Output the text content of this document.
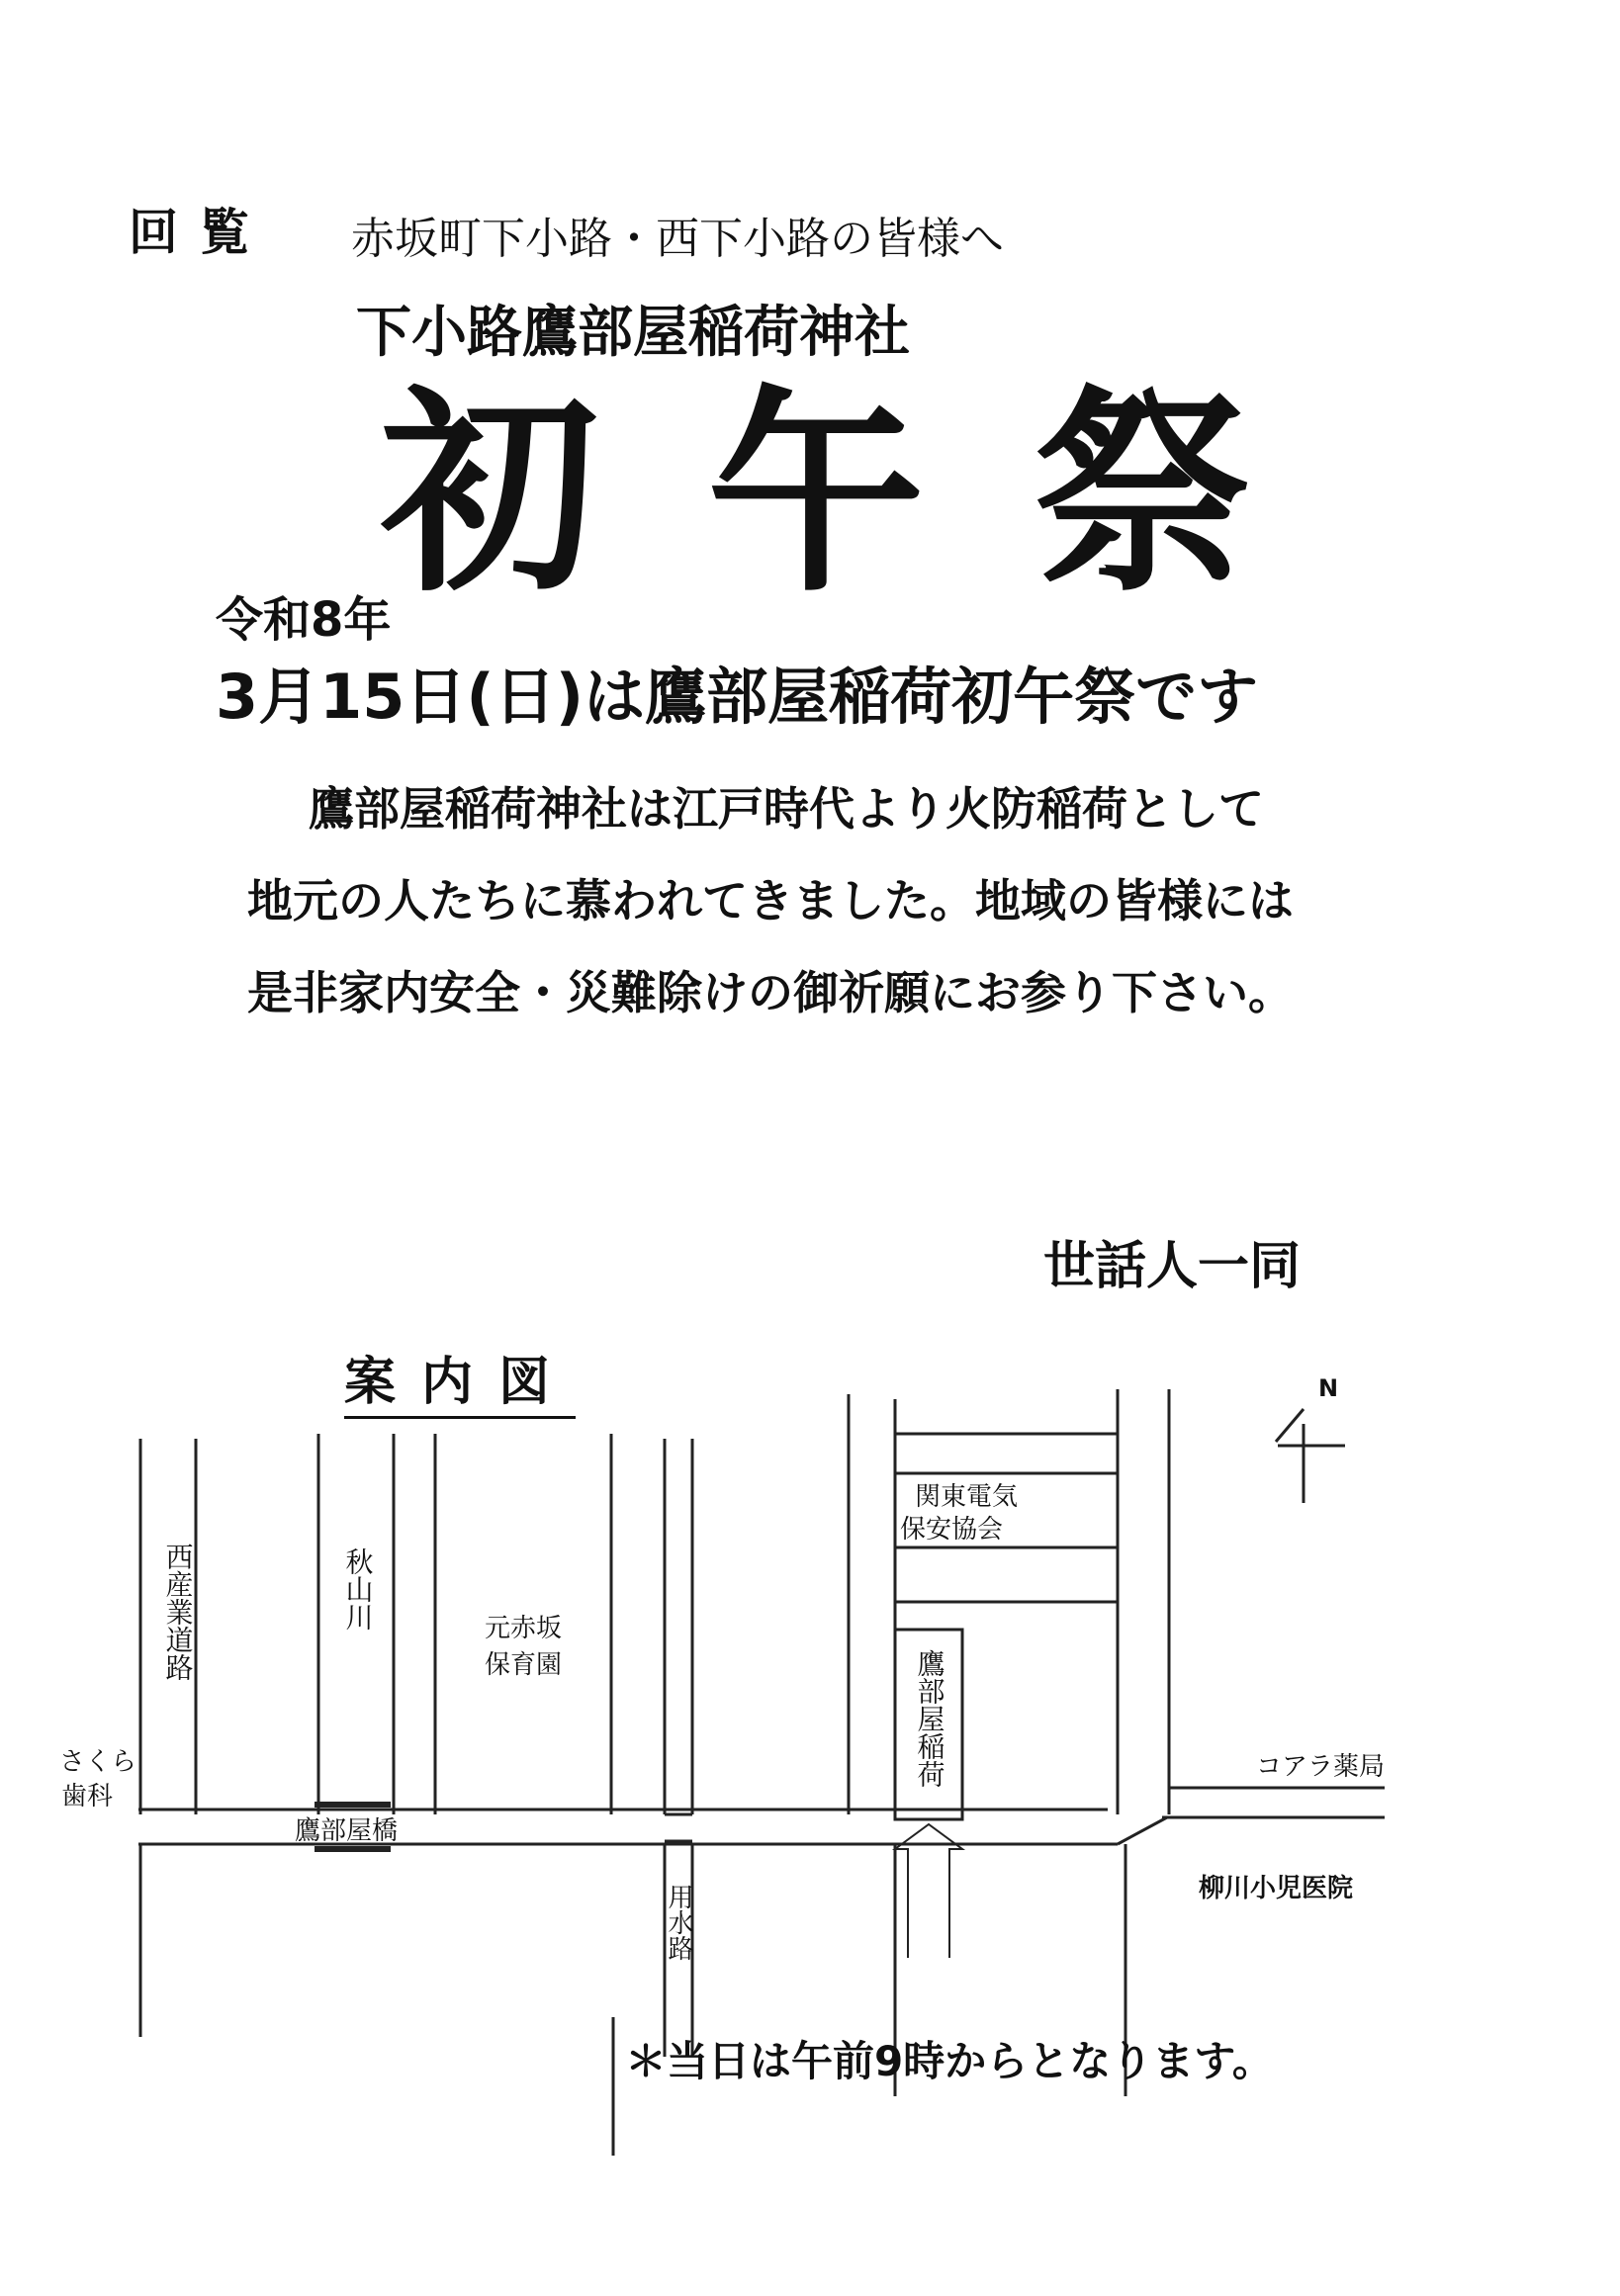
回覧 赤坂町下小路・西下小路の皆様へ
下小路鷹部屋稲荷神社
初午祭
令和8年
3月15日(日)は鷹部屋稲荷初午祭です
鷹部屋稲荷神社は江戸時代より火防稲荷として
地元の人たちに慕われてきました。地域の皆様には
是非家内安全・災難除けの御祈願にお参り下さい。
世話人一同
案内図	N
西産業道路	秋山川	元赤坂
保育園
関東電気
保安協会
鷹部屋稲荷
さくら
歯科
鷹部屋橋
コアラ薬局
柳川小児医院
用水路
＊当日は午前9時からとなります。
